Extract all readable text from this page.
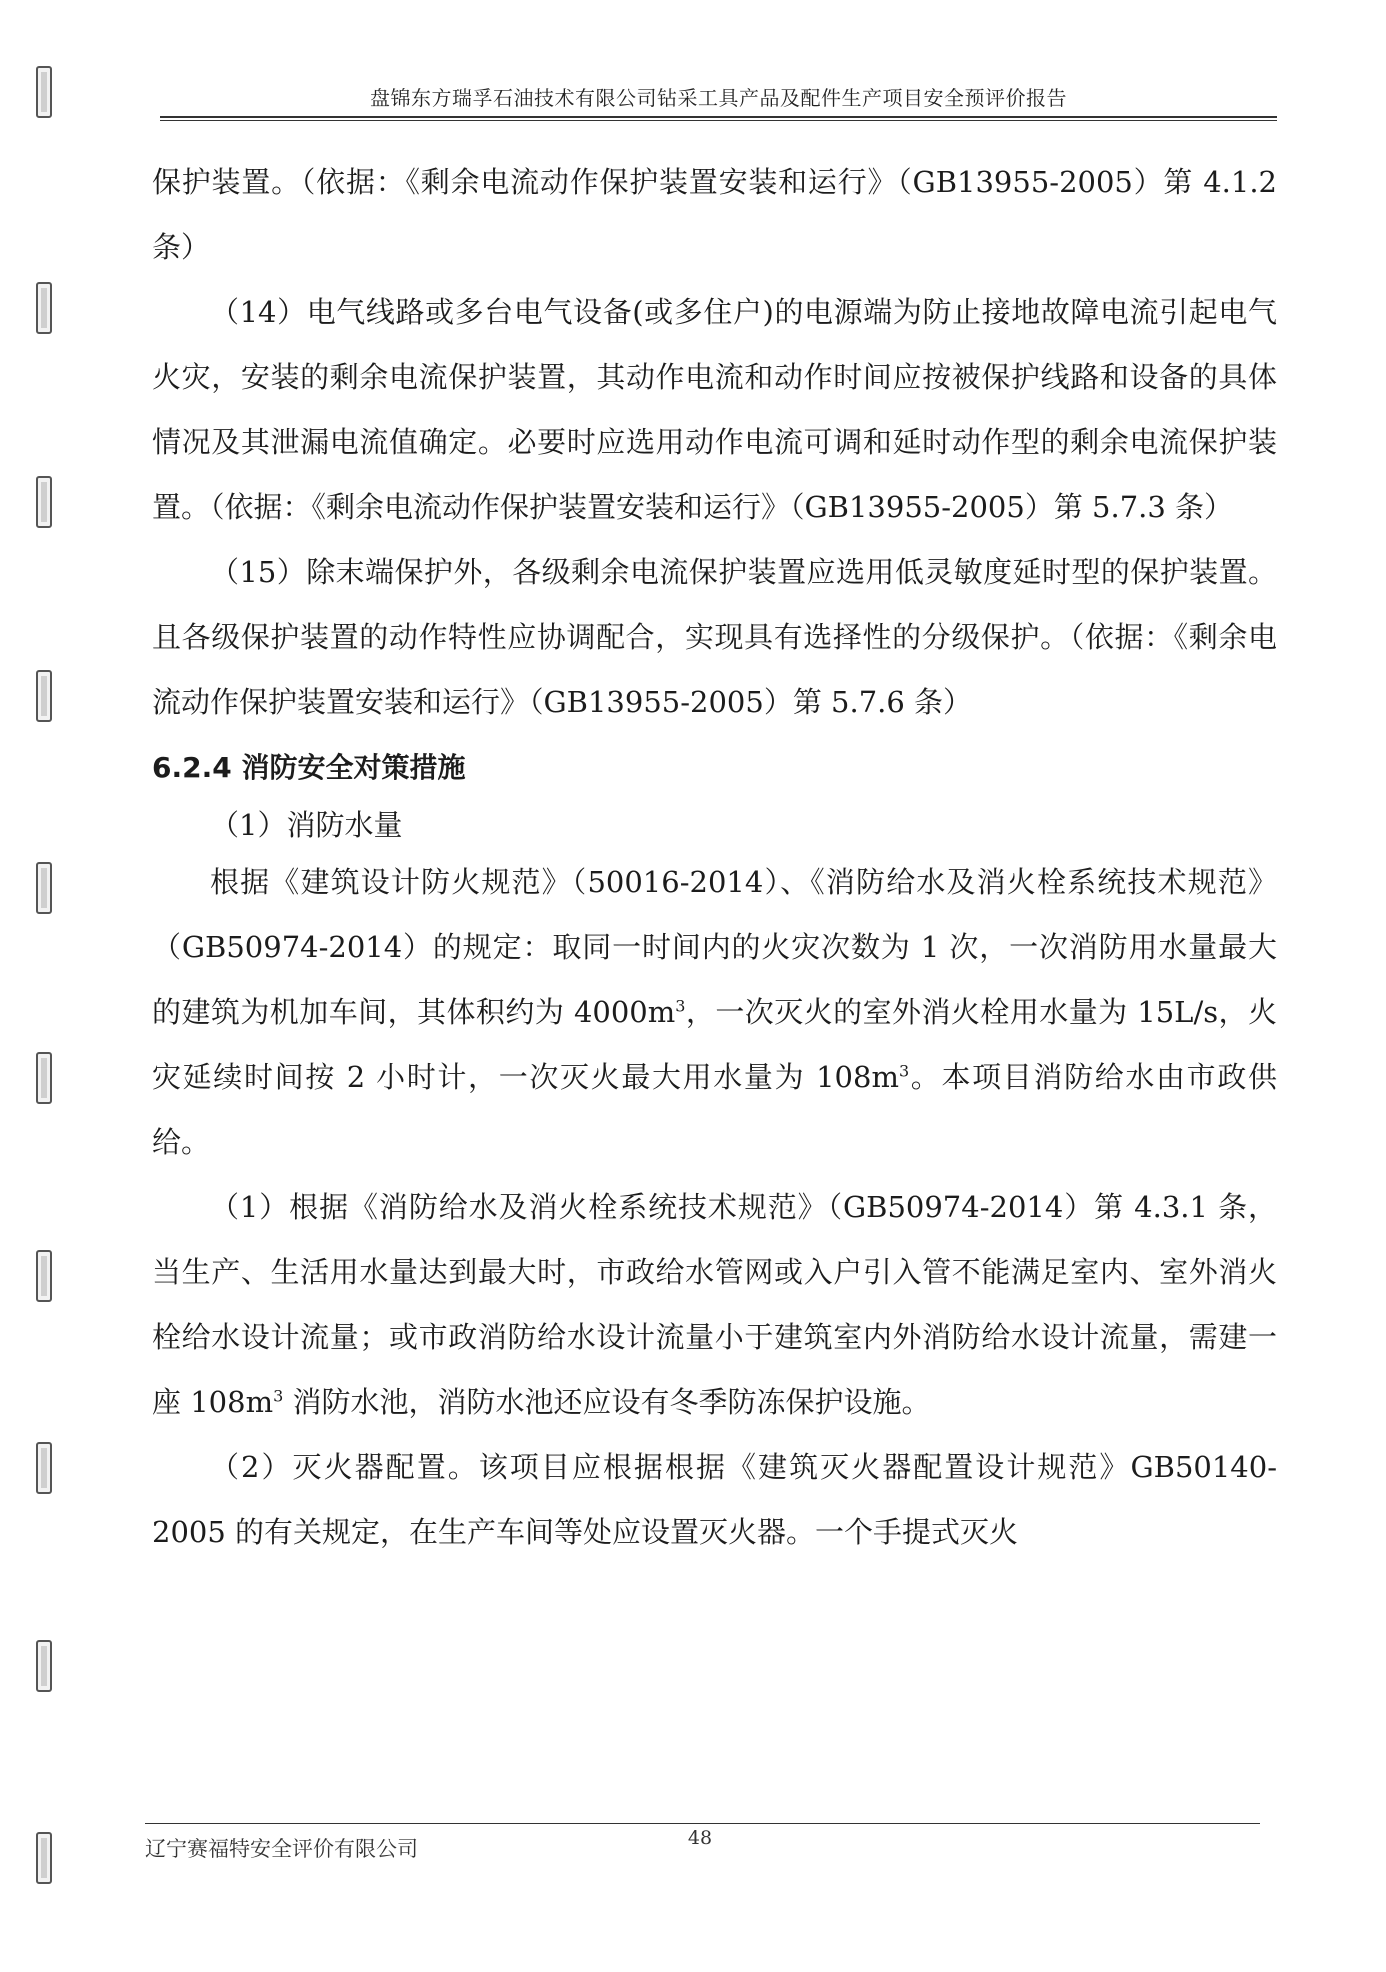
盘锦东方瑞孚石油技术有限公司钻采工具产品及配件生产项目安全预评价报告

保护装置。（依据：《剩余电流动作保护装置安装和运行》（GB13955-2005）第 4.1.2 条）

（14）电气线路或多台电气设备(或多住户)的电源端为防止接地故障电流引起电气火灾，安装的剩余电流保护装置，其动作电流和动作时间应按被保护线路和设备的具体情况及其泄漏电流值确定。必要时应选用动作电流可调和延时动作型的剩余电流保护装置。（依据：《剩余电流动作保护装置安装和运行》（GB13955-2005）第 5.7.3 条）

（15）除末端保护外，各级剩余电流保护装置应选用低灵敏度延时型的保护装置。且各级保护装置的动作特性应协调配合，实现具有选择性的分级保护。（依据：《剩余电流动作保护装置安装和运行》（GB13955-2005）第 5.7.6 条）

6.2.4 消防安全对策措施

（1）消防水量

根据《建筑设计防火规范》（50016-2014）、《消防给水及消火栓系统技术规范》（GB50974-2014）的规定：取同一时间内的火灾次数为 1 次，一次消防用水量最大的建筑为机加车间，其体积约为 $4000m^3$，一次灭火的室外消火栓用水量为 15L/s，火灾延续时间按 2 小时计，一次灭火最大用水量为 $108m^3$。本项目消防给水由市政供给。

（1）根据《消防给水及消火栓系统技术规范》（GB50974-2014）第 4.3.1 条，当生产、生活用水量达到最大时，市政给水管网或入户引入管不能满足室内、室外消火栓给水设计流量；或市政消防给水设计流量小于建筑室内外消防给水设计流量，需建一座 $108m^3$ 消防水池，消防水池还应设有冬季防冻保护设施。

（2）灭火器配置。该项目应根据根据《建筑灭火器配置设计规范》GB50140-2005 的有关规定，在生产车间等处应设置灭火器。一个手提式灭火

辽宁赛福特安全评价有限公司	48
